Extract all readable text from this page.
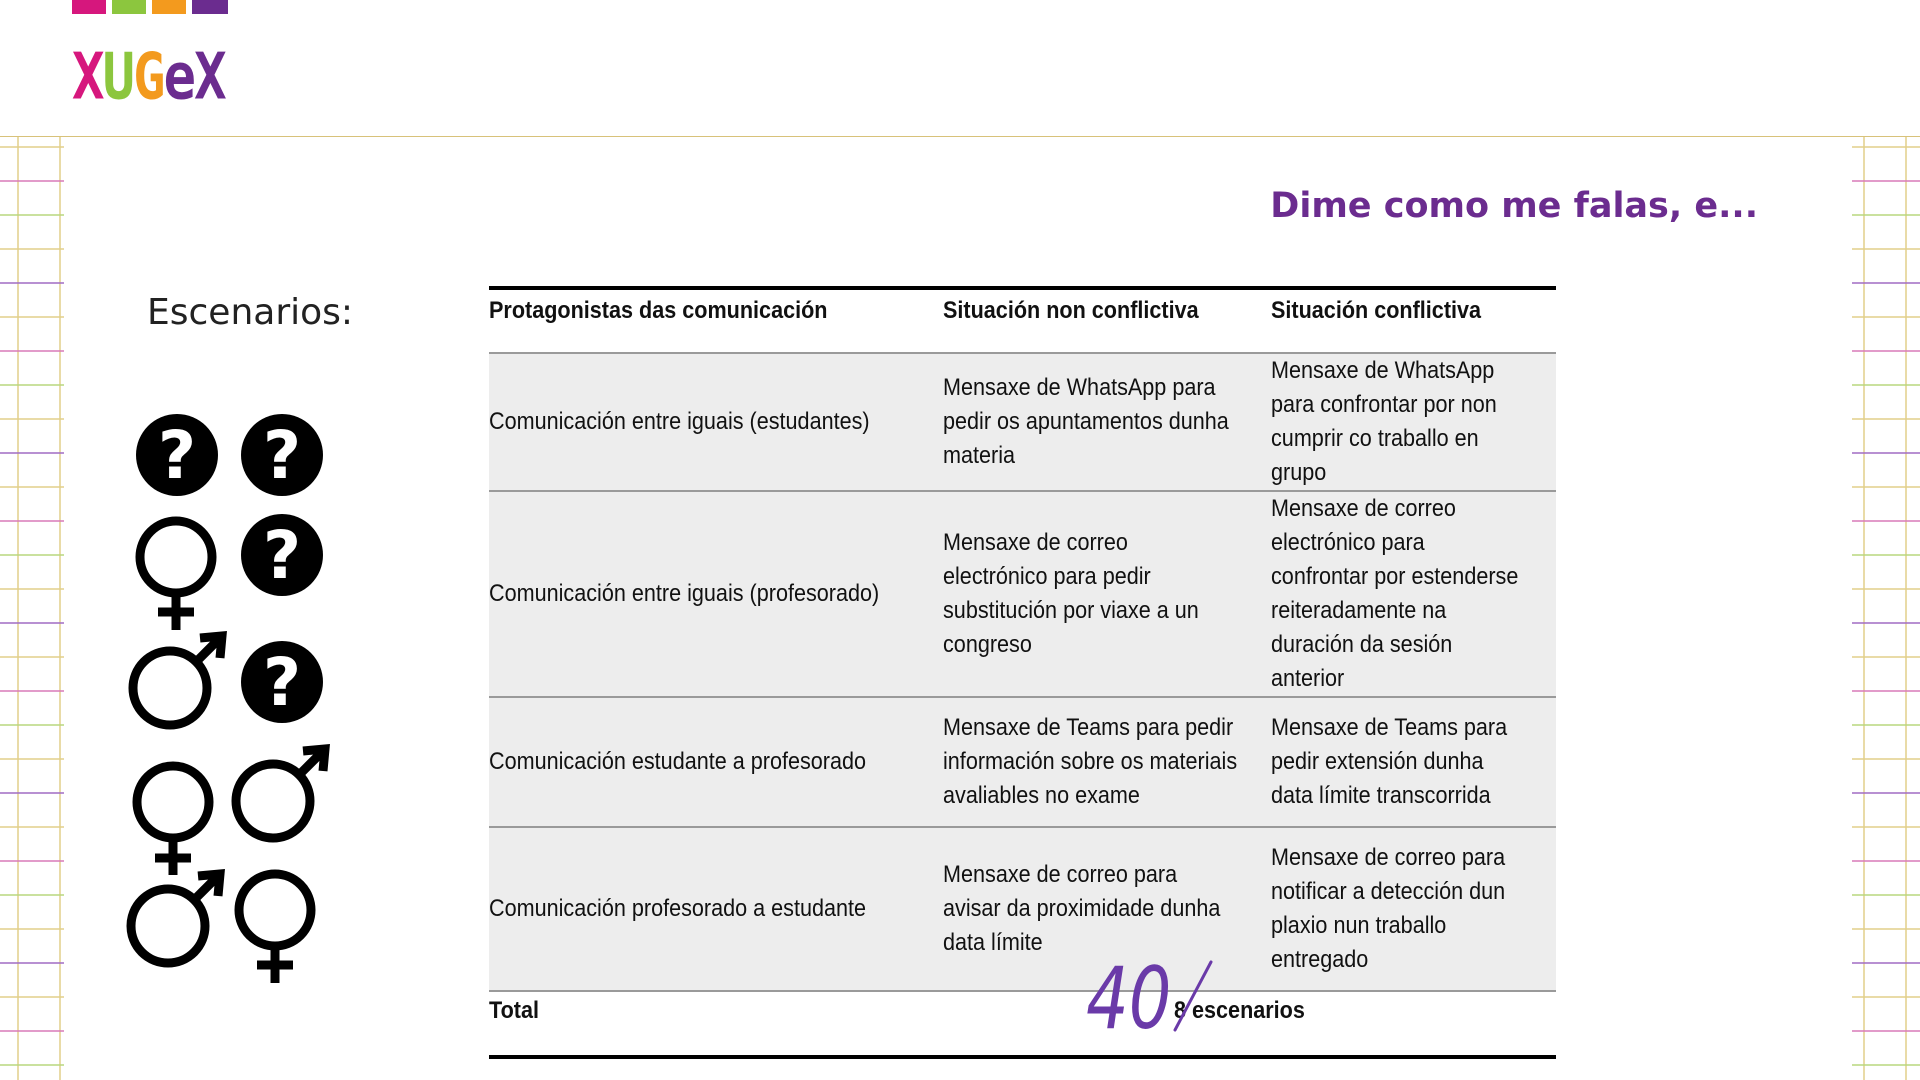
XUGeX
Dime como me falas, e...
Escenarios:
? ?
?
?
Protagonistas das comunicación	Situación non conflictiva	Situación conflictiva

Comunicación entre iguais (estudantes)	Mensaxe de WhatsApp para pedir os apuntamentos dunha materia	Mensaxe de WhatsApp para confrontar por non cumprir co traballo en grupo

Comunicación entre iguais (profesorado)	Mensaxe de correo electrónico para pedir substitución por viaxe a un congreso	Mensaxe de correo electrónico para confrontar por estenderse reiteradamente na duración da sesión anterior

Comunicación estudante a profesorado	Mensaxe de Teams para pedir información sobre os materiais avaliables no exame	Mensaxe de Teams para pedir extensión dunha data límite transcorrida

Comunicación profesorado a estudante	Mensaxe de correo para avisar da proximidade dunha data límite	Mensaxe de correo para notificar a detección dun plaxio nun traballo entregado

Total		8 escenarios
40
